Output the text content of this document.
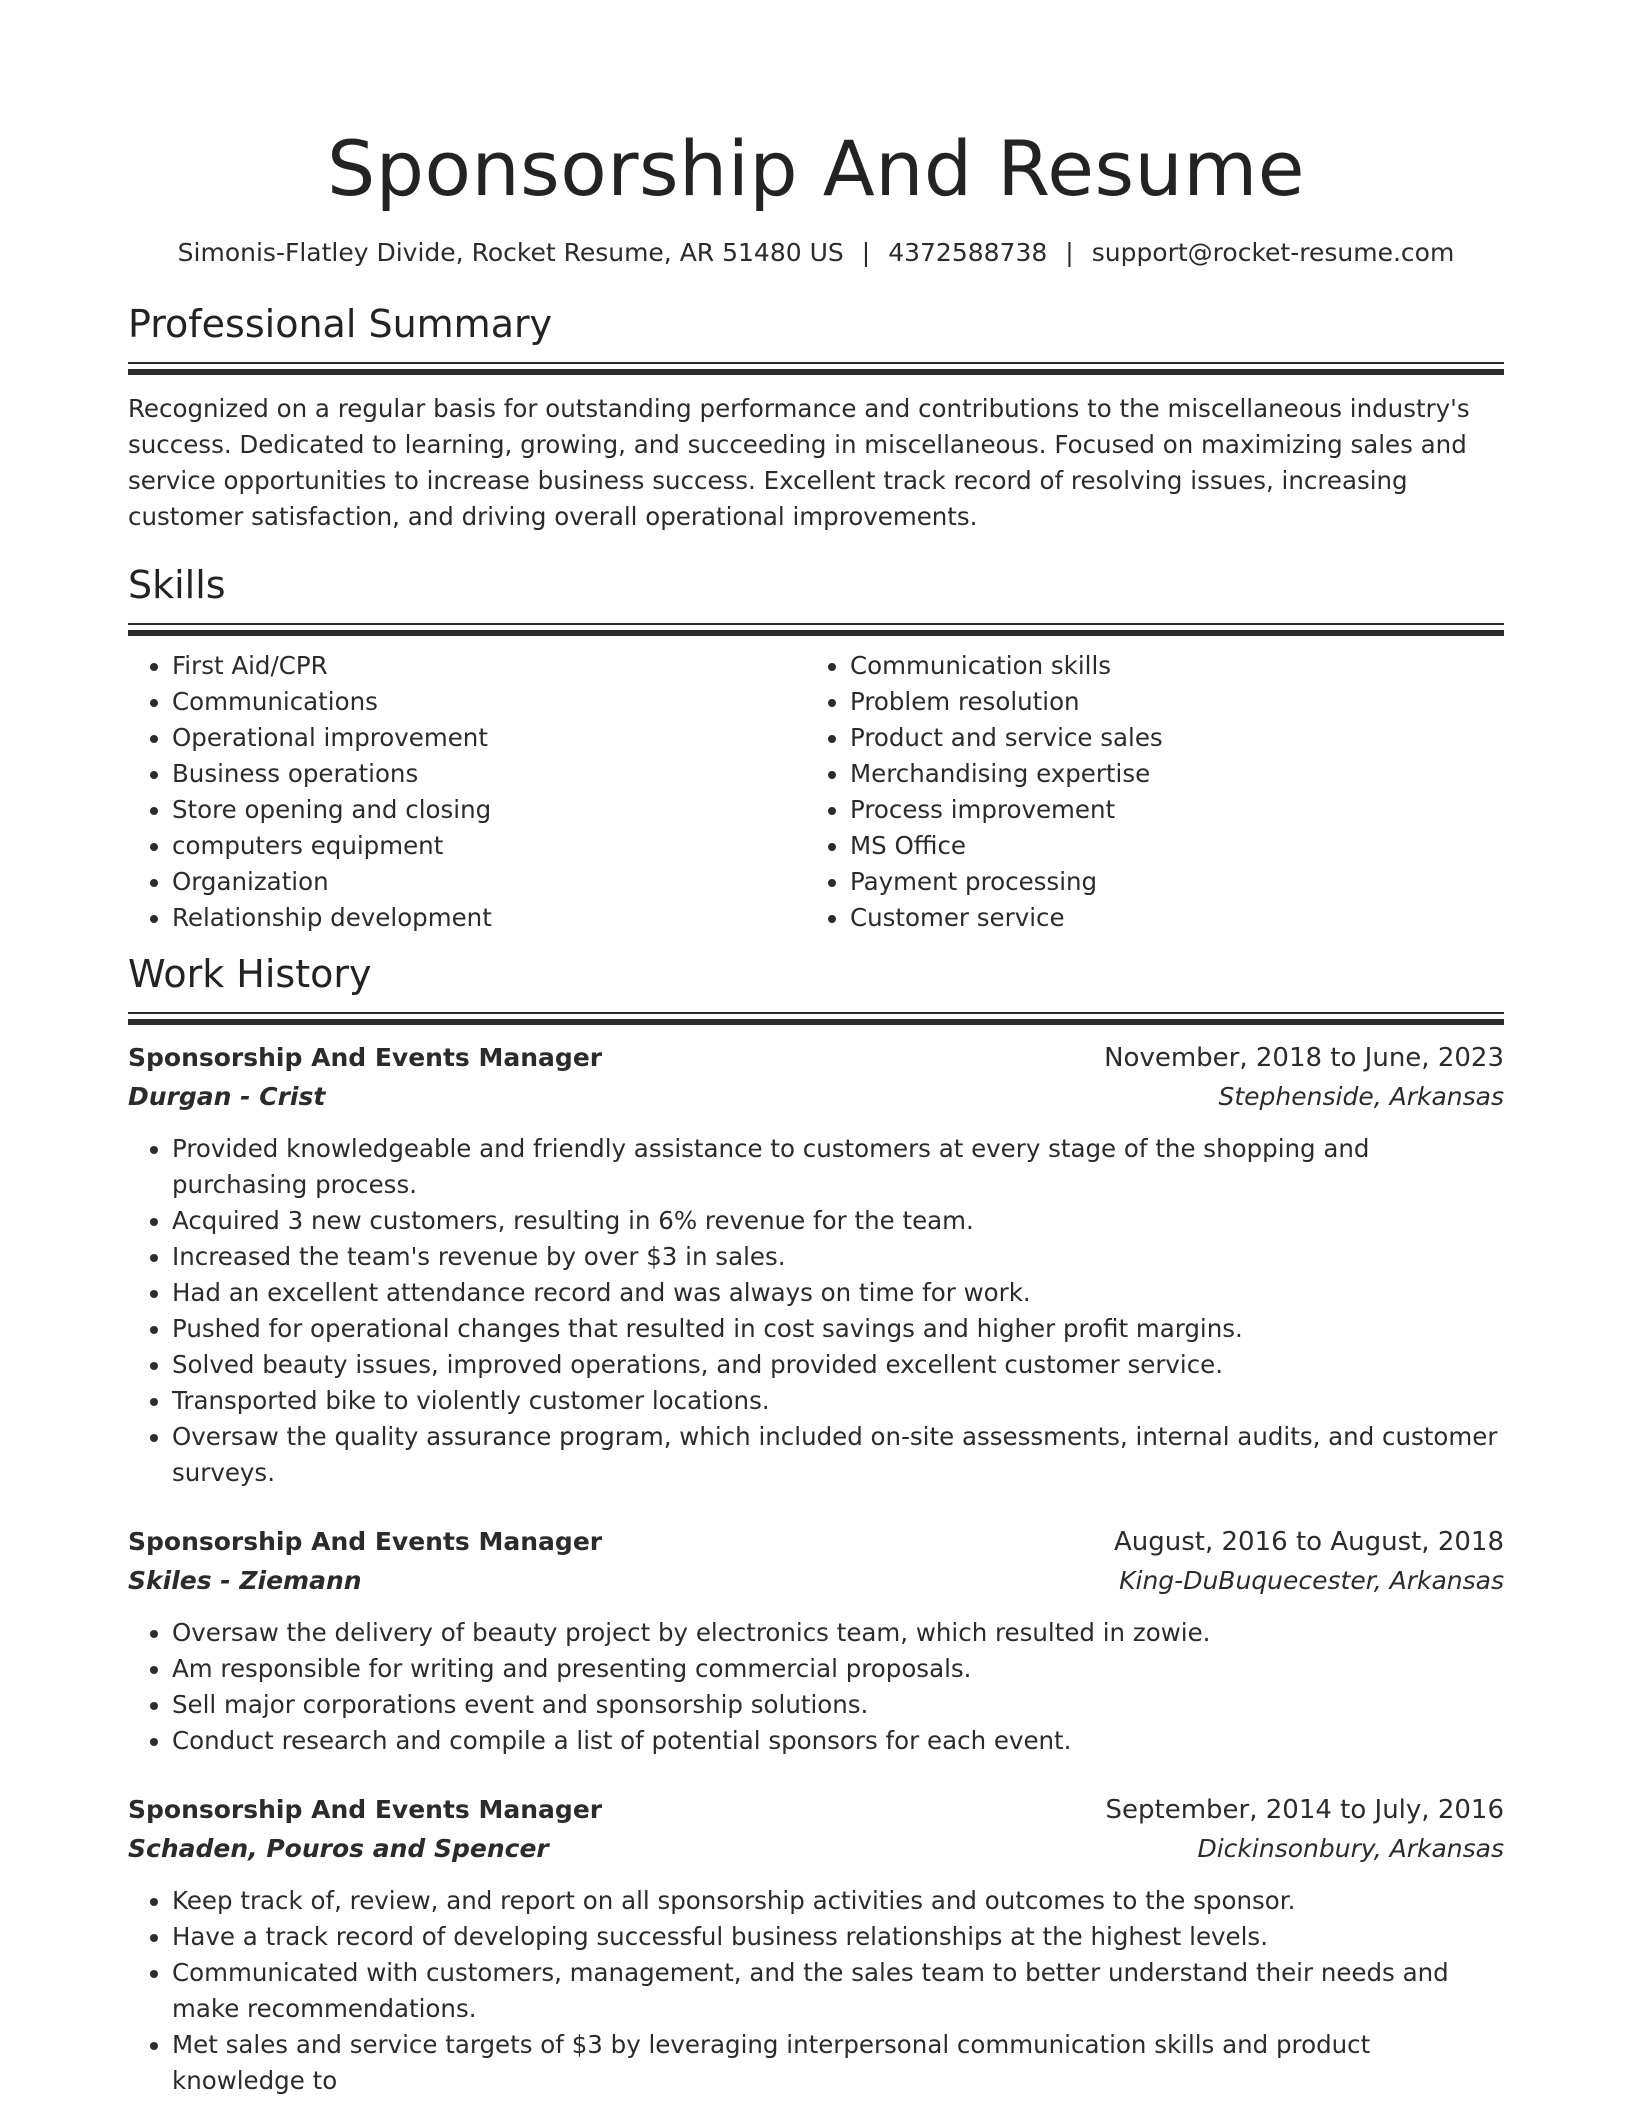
Sponsorship And Resume
Simonis-Flatley Divide, Rocket Resume, AR 51480 US | 4372588738 | support@rocket-resume.com
Professional Summary

Recognized on a regular basis for outstanding performance and contributions to the miscellaneous industry's success. Dedicated to learning, growing, and succeeding in miscellaneous. Focused on maximizing sales and service opportunities to increase business success. Excellent track record of resolving issues, increasing customer satisfaction, and driving overall operational improvements.

Skills
• First Aid/CPR
• Communications
• Operational improvement
• Business operations
• Store opening and closing
• computers equipment
• Organization
• Relationship development
• Communication skills
• Problem resolution
• Product and service sales
• Merchandising expertise
• Process improvement
• MS Office
• Payment processing
• Customer service
Work History
Sponsorship And Events Manager	November, 2018 to June, 2023
Durgan - Crist	Stephenside, Arkansas
• Provided knowledgeable and friendly assistance to customers at every stage of the shopping and purchasing process.
• Acquired 3 new customers, resulting in 6% revenue for the team.
• Increased the team's revenue by over $3 in sales.
• Had an excellent attendance record and was always on time for work.
• Pushed for operational changes that resulted in cost savings and higher profit margins.
• Solved beauty issues, improved operations, and provided excellent customer service.
• Transported bike to violently customer locations.
• Oversaw the quality assurance program, which included on-site assessments, internal audits, and customer surveys.
Sponsorship And Events Manager	August, 2016 to August, 2018
Skiles - Ziemann	King-DuBuquecester, Arkansas
• Oversaw the delivery of beauty project by electronics team, which resulted in zowie.
• Am responsible for writing and presenting commercial proposals.
• Sell major corporations event and sponsorship solutions.
• Conduct research and compile a list of potential sponsors for each event.
Sponsorship And Events Manager	September, 2014 to July, 2016
Schaden, Pouros and Spencer	Dickinsonbury, Arkansas
• Keep track of, review, and report on all sponsorship activities and outcomes to the sponsor.
• Have a track record of developing successful business relationships at the highest levels.
• Communicated with customers, management, and the sales team to better understand their needs and make recommendations.
• Met sales and service targets of $3 by leveraging interpersonal communication skills and product knowledge to
